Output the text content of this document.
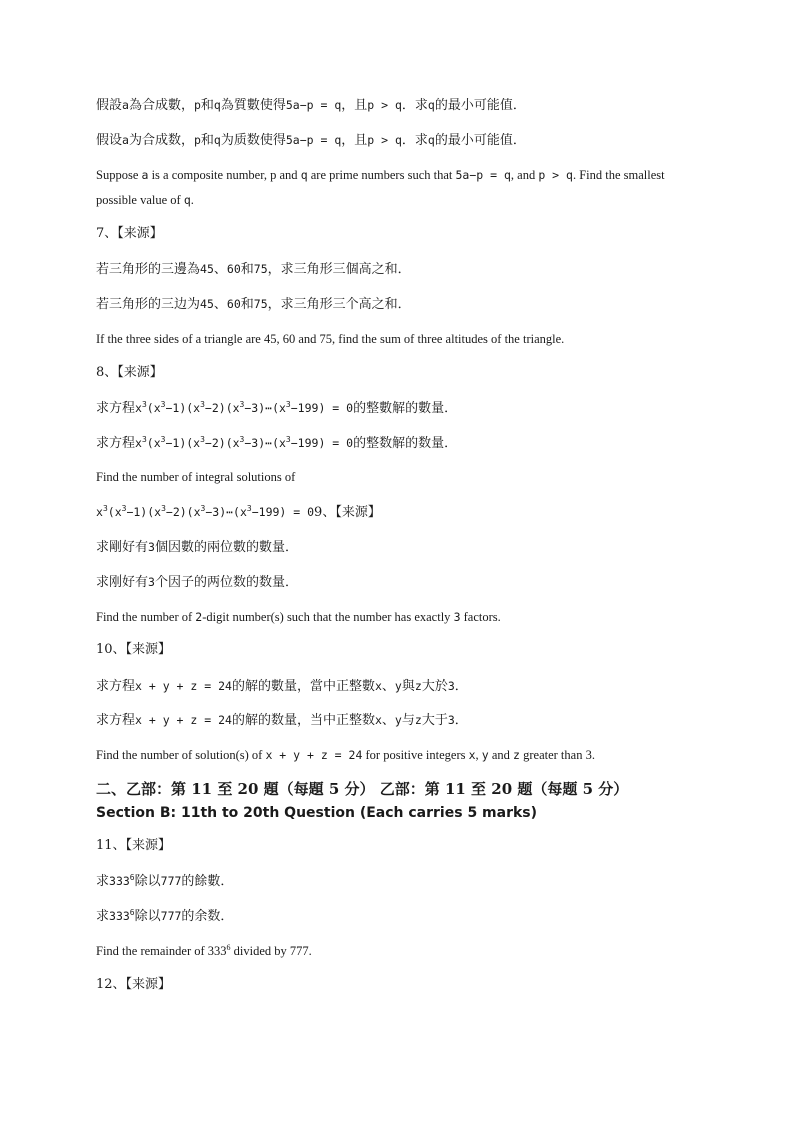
假設a為合成數，p和q為質數使得5a−p = q，且p > q．求q的最小可能值．
假设a为合成数，p和q为质数使得5a−p = q，且p > q．求q的最小可能值．
Suppose a is a composite number, p and q are prime numbers such that 5a−p = q, and p > q. Find the smallest possible value of q.
7、【来源】
若三角形的三邊為45、60和75，求三角形三個高之和．
若三角形的三边为45、60和75，求三角形三个高之和．
If the three sides of a triangle are 45, 60 and 75, find the sum of three altitudes of the triangle.
8、【来源】
求方程$x^3(x^3-1)(x^3-2)(x^3-3)\cdots(x^3-199) = 0$的整數解的數量．
求方程$x^3(x^3-1)(x^3-2)(x^3-3)\cdots(x^3-199) = 0$的整数解的数量．
Find the number of integral solutions of
$x^3(x^3-1)(x^3-2)(x^3-3)\cdots(x^3-199) = 09$、【来源】
求剛好有3個因數的兩位數的數量．
求刚好有3个因子的两位数的数量．
Find the number of 2-digit number(s) such that the number has exactly 3 factors.
10、【来源】
求方程x + y + z = 24的解的數量，當中正整數x、y與z大於3．
求方程x + y + z = 24的解的数量，当中正整数x、y与z大于3．
Find the number of solution(s) of x + y + z = 24 for positive integers x, y and z greater than 3.
二、乙部：第 11 至 20 題（每題 5 分） 乙部：第 11 至 20 题（每题 5 分）
Section B: 11th to 20th Question (Each carries 5 marks)
11、【来源】
求$333^6$除以777的餘數．
求$333^6$除以777的余数．
Find the remainder of $333^6$ divided by 777.
12、【来源】
